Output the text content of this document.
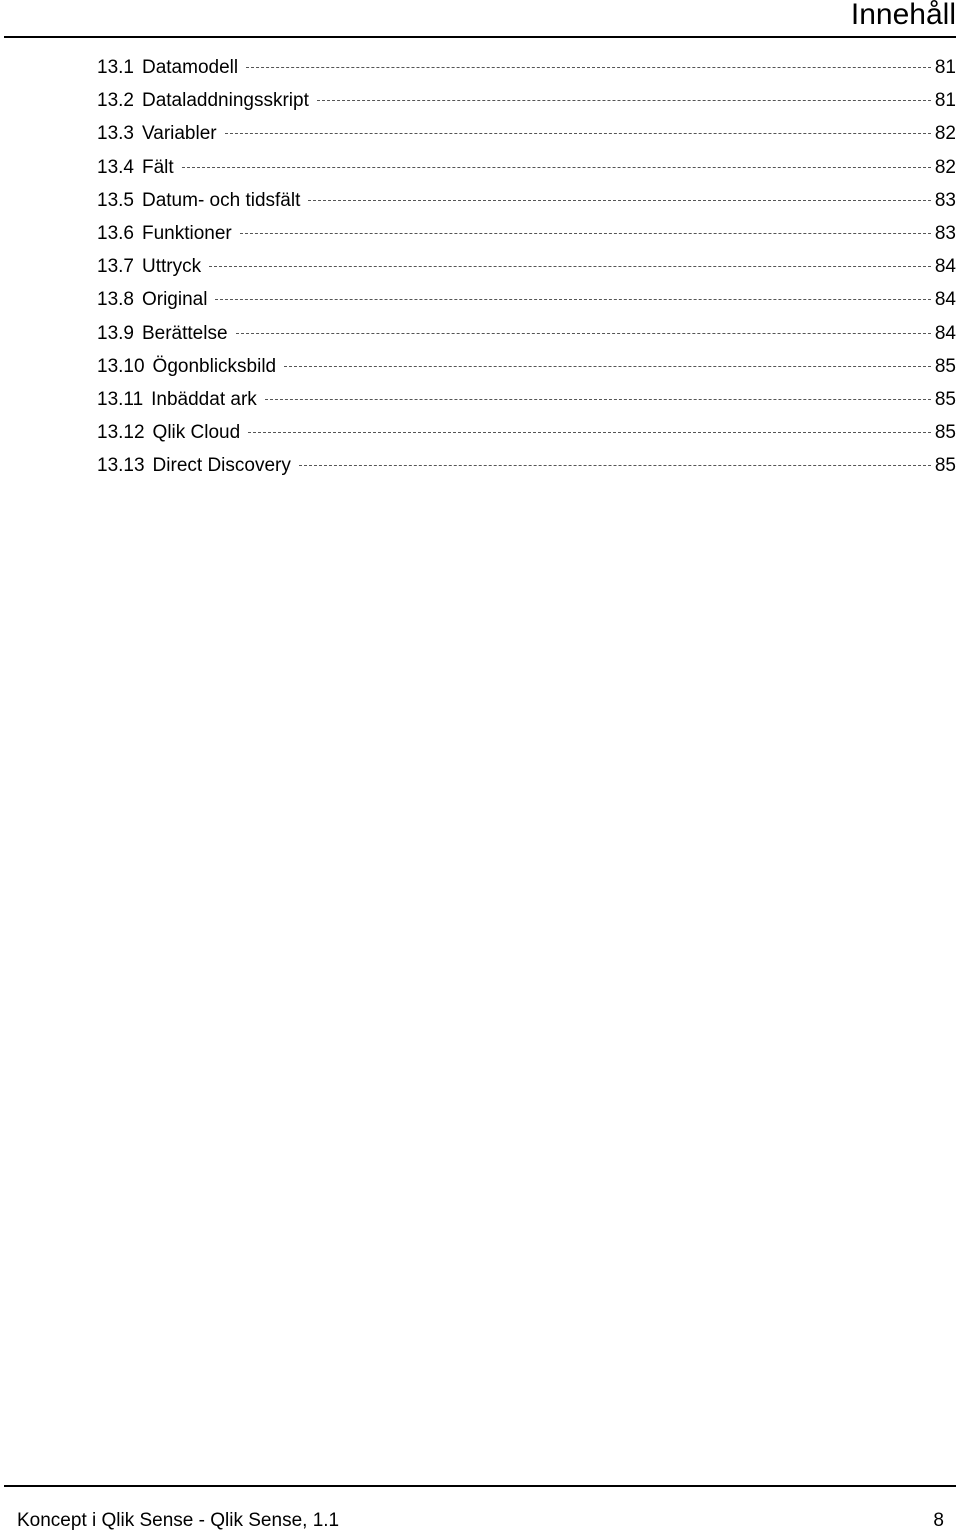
Innehåll
13.1 Datamodell	81
13.2 Dataladdningsskript	81
13.3 Variabler	82
13.4 Fält	82
13.5 Datum- och tidsfält	83
13.6 Funktioner	83
13.7 Uttryck	84
13.8 Original	84
13.9 Berättelse	84
13.10 Ögonblicksbild	85
13.11 Inbäddat ark	85
13.12 Qlik Cloud	85
13.13 Direct Discovery	85
Koncept i Qlik Sense - Qlik Sense, 1.1	8
